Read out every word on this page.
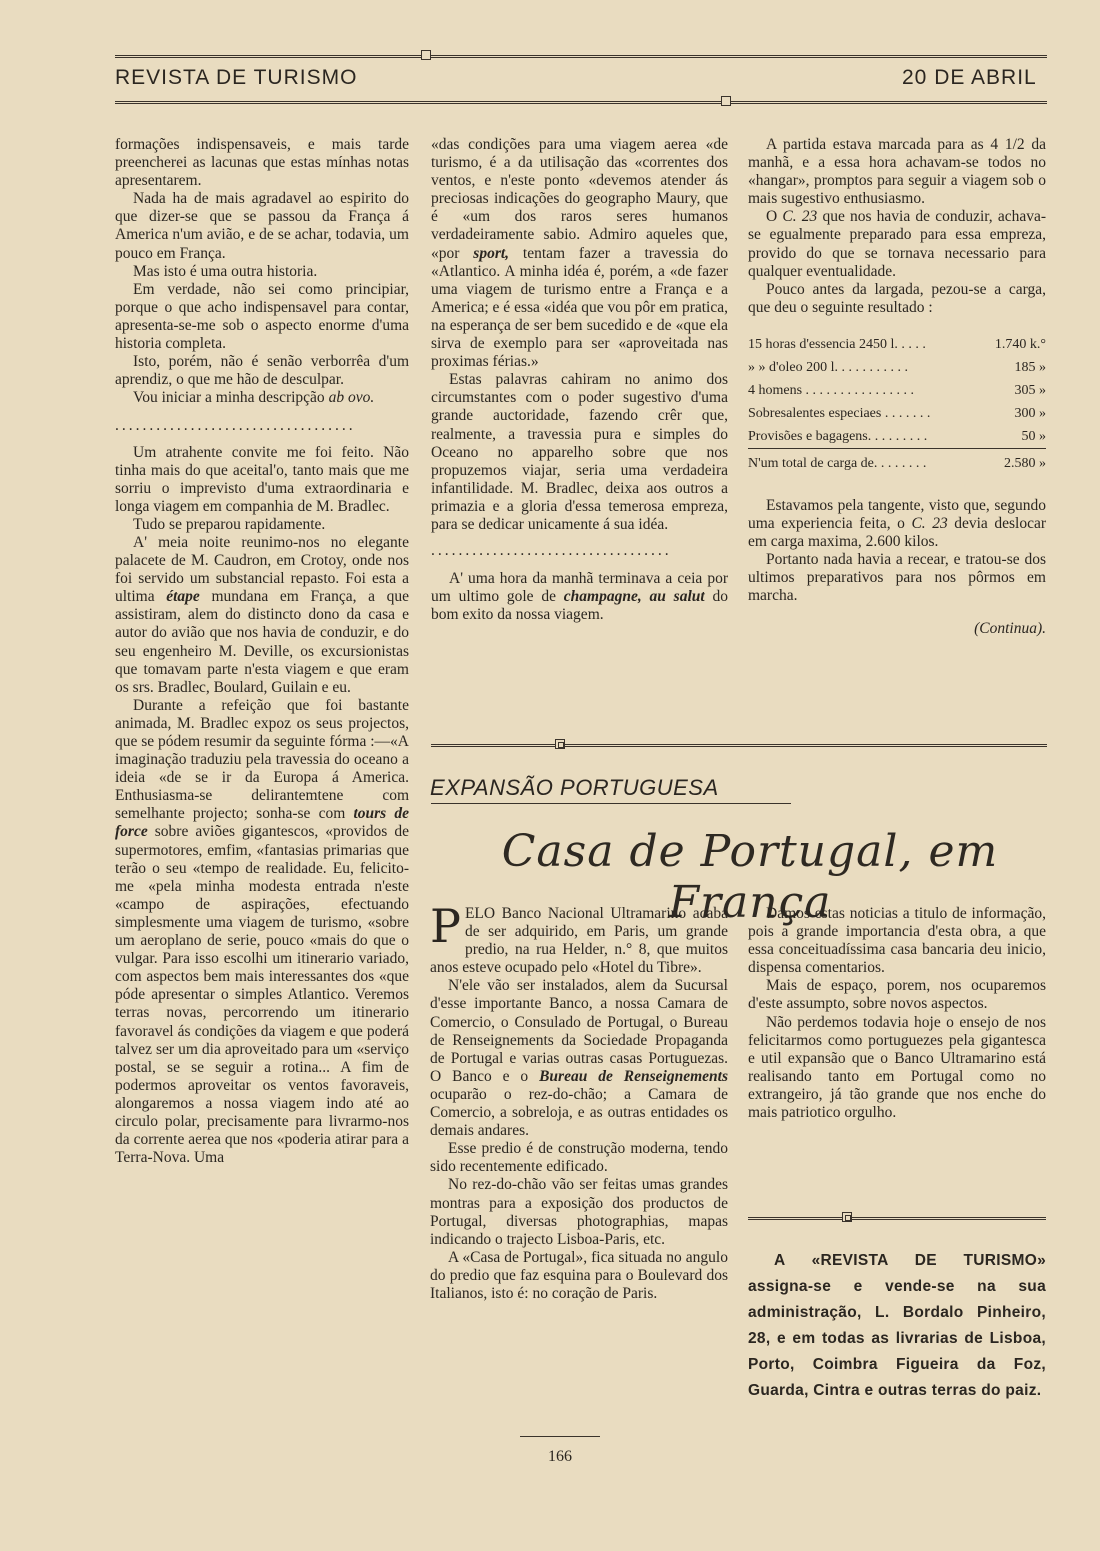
REVISTA DE TURISMO	20 DE ABRIL

formações indispensaveis, e mais tarde preencherei as lacunas que estas mínhas notas apresentarem.

Nada ha de mais agradavel ao espirito do que dizer-se que se passou da França á America n'um avião, e de se achar, todavia, um pouco em França.

Mas isto é uma outra historia.

Em verdade, não sei como principiar, porque o que acho indispensavel para contar, apresenta-se-me sob o aspecto enorme d'uma historia completa.

Isto, porém, não é senão verborrêa d'um aprendiz, o que me hão de desculpar.

Vou iniciar a minha descripção ab ovo.

...................................

Um atrahente convite me foi feito. Não tinha mais do que aceital'o, tanto mais que me sorriu o imprevisto d'uma extraordinaria e longa viagem em companhia de M. Bradlec.

Tudo se preparou rapidamente.

A' meia noite reunimo-nos no elegante palacete de M. Caudron, em Crotoy, onde nos foi servido um substancial repasto. Foi esta a ultima étape mundana em França, a que assistiram, alem do distincto dono da casa e autor do avião que nos havia de conduzir, e do seu engenheiro M. Deville, os excursionistas que tomavam parte n'esta viagem e que eram os srs. Bradlec, Boulard, Guilain e eu.

Durante a refeição que foi bastante animada, M. Bradlec expoz os seus projectos, que se pódem resumir da seguinte fórma :—«A imaginação traduziu pela travessia do oceano a ideia «de se ir da Europa á America. Enthusiasma-se delirantemtene com semelhante projecto; sonha-se com tours de force sobre aviões gigantescos, «providos de supermotores, emfim, «fantasias primarias que terão o seu «tempo de realidade. Eu, felicito-me «pela minha modesta entrada n'este «campo de aspirações, efectuando simplesmente uma viagem de turismo, «sobre um aeroplano de serie, pouco «mais do que o vulgar. Para isso escolhi um itinerario variado, com aspectos bem mais interessantes dos «que póde apresentar o simples Atlantico. Veremos terras novas, percorrendo um itinerario favoravel ás condições da viagem e que poderá talvez ser um dia aproveitado para um «serviço postal, se se seguir a rotina... A fim de podermos aproveitar os ventos favoraveis, alongaremos a nossa viagem indo até ao circulo polar, precisamente para livrarmo-nos da corrente aerea que nos «poderia atirar para a Terra-Nova. Uma

«das condições para uma viagem aerea «de turismo, é a da utilisação das «correntes dos ventos, e n'este ponto «devemos atender ás preciosas indicações do geographo Maury, que é «um dos raros seres humanos verdadeiramente sabio. Admiro aqueles que, «por sport, tentam fazer a travessia do «Atlantico. A minha idéa é, porém, a «de fazer uma viagem de turismo entre a França e a America; e é essa «idéa que vou pôr em pratica, na esperança de ser bem sucedido e de «que ela sirva de exemplo para ser «aproveitada nas proximas férias.»

Estas palavras cahiram no animo dos circumstantes com o poder sugestivo d'uma grande auctoridade, fazendo crêr que, realmente, a travessia pura e simples do Oceano no apparelho sobre que nos propuzemos viajar, seria uma verdadeira infantilidade. M. Bradlec, deixa aos outros a primazia e a gloria d'essa temerosa empreza, para se dedicar unicamente á sua idéa.

...................................

A' uma hora da manhã terminava a ceia por um ultimo gole de champagne, au salut do bom exito da nossa viagem.

A partida estava marcada para as 4 1/2 da manhã, e a essa hora achavam-se todos no «hangar», promptos para seguir a viagem sob o mais sugestivo enthusiasmo.

O C. 23 que nos havia de conduzir, achava-se egualmente preparado para essa empreza, provido do que se tornava necessario para qualquer eventualidade.

Pouco antes da largada, pezou-se a carga, que deu o seguinte resultado :

15 horas d'essencia 2450 l. . . . .	1.740 k.°
» » d'oleo 200 l. . . . . . . . . . .	185 »
4 homens . . . . . . . . . . . . . . . .	305 »
Sobresalentes especiaes . . . . . . .	300 »
Provisões e bagagens. . . . . . . . .	50 »
N'um total de carga de. . . . . . . .	2.580 »

Estavamos pela tangente, visto que, segundo uma experiencia feita, o C. 23 devia deslocar em carga maxima, 2.600 kilos.

Portanto nada havia a recear, e tratou-se dos ultimos preparativos para nos pôrmos em marcha.

(Continua).

EXPANSÃO PORTUGUESA
Casa de Portugal, em França

PELO Banco Nacional Ultramarino acaba de ser adquirido, em Paris, um grande predio, na rua Helder, n.° 8, que muitos anos esteve ocupado pelo «Hotel du Tibre».

N'ele vão ser instalados, alem da Sucursal d'esse importante Banco, a nossa Camara de Comercio, o Consulado de Portugal, o Bureau de Renseignements da Sociedade Propaganda de Portugal e varias outras casas Portuguezas. O Banco e o Bureau de Renseignements ocuparão o rez-do-chão; a Camara de Comercio, a sobreloja, e as outras entidades os demais andares.

Esse predio é de construção moderna, tendo sido recentemente edificado.

No rez-do-chão vão ser feitas umas grandes montras para a exposição dos productos de Portugal, diversas photographias, mapas indicando o trajecto Lisboa-Paris, etc.

A «Casa de Portugal», fica situada no angulo do predio que faz esquina para o Boulevard dos Italianos, isto é: no coração de Paris.

Damos estas noticias a titulo de informação, pois a grande importancia d'esta obra, a que essa conceituadíssima casa bancaria deu inicio, dispensa comentarios.

Mais de espaço, porem, nos ocuparemos d'este assumpto, sobre novos aspectos.

Não perdemos todavia hoje o ensejo de nos felicitarmos como portuguezes pela gigantesca e util expansão que o Banco Ultramarino está realisando tanto em Portugal como no extrangeiro, já tão grande que nos enche do mais patriotico orgulho.

A «REVISTA DE TURISMO» assigna-se e vende-se na sua administração, L. Bordalo Pinheiro, 28, e em todas as livrarias de Lisboa, Porto, Coimbra Figueira da Foz, Guarda, Cintra e outras terras do paiz.

166
